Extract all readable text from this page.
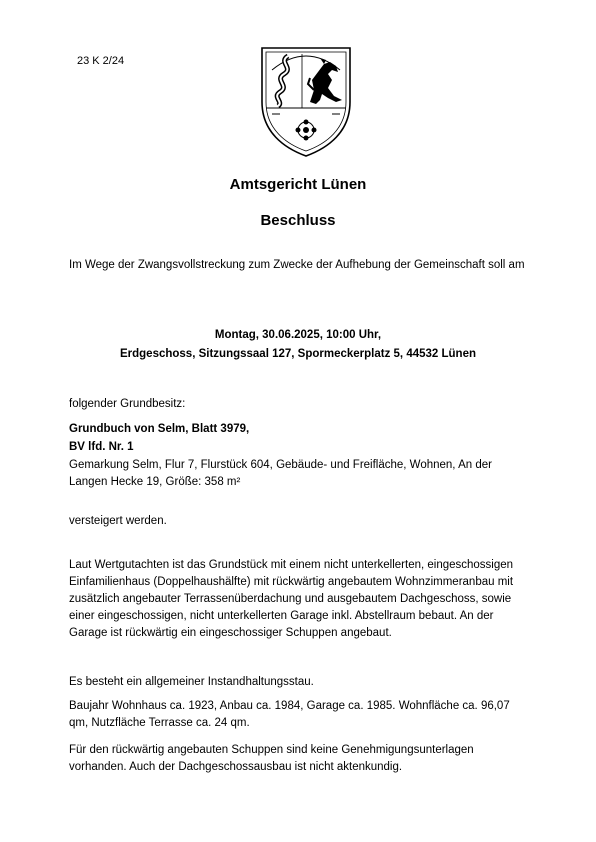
23 K 2/24
Amtsgericht Lünen
Beschluss
Im Wege der Zwangsvollstreckung zum Zwecke der Aufhebung der Gemeinschaft soll am
Montag, 30.06.2025, 10:00 Uhr,
Erdgeschoss, Sitzungssaal 127, Spormeckerplatz 5, 44532 Lünen
folgender Grundbesitz:
Grundbuch von Selm, Blatt 3979,
BV lfd. Nr. 1
Gemarkung Selm, Flur 7, Flurstück 604, Gebäude- und Freifläche, Wohnen, An der Langen Hecke 19, Größe: 358 m²
versteigert werden.
Laut Wertgutachten ist das Grundstück mit einem nicht unterkellerten, eingeschossigen Einfamilienhaus (Doppelhaushälfte) mit rückwärtig angebautem Wohnzimmeranbau mit zusätzlich angebauter Terrassenüberdachung und ausgebautem Dachgeschoss, sowie einer eingeschossigen, nicht unterkellerten Garage inkl. Abstellraum bebaut. An der Garage ist rückwärtig ein eingeschossiger Schuppen angebaut.
Es besteht ein allgemeiner Instandhaltungsstau.
Baujahr Wohnhaus ca. 1923, Anbau ca. 1984, Garage ca. 1985. Wohnfläche ca. 96,07 qm, Nutzfläche Terrasse ca. 24 qm.
Für den rückwärtig angebauten Schuppen sind keine Genehmigungsunterlagen vorhanden. Auch der Dachgeschossausbau ist nicht aktenkundig.
